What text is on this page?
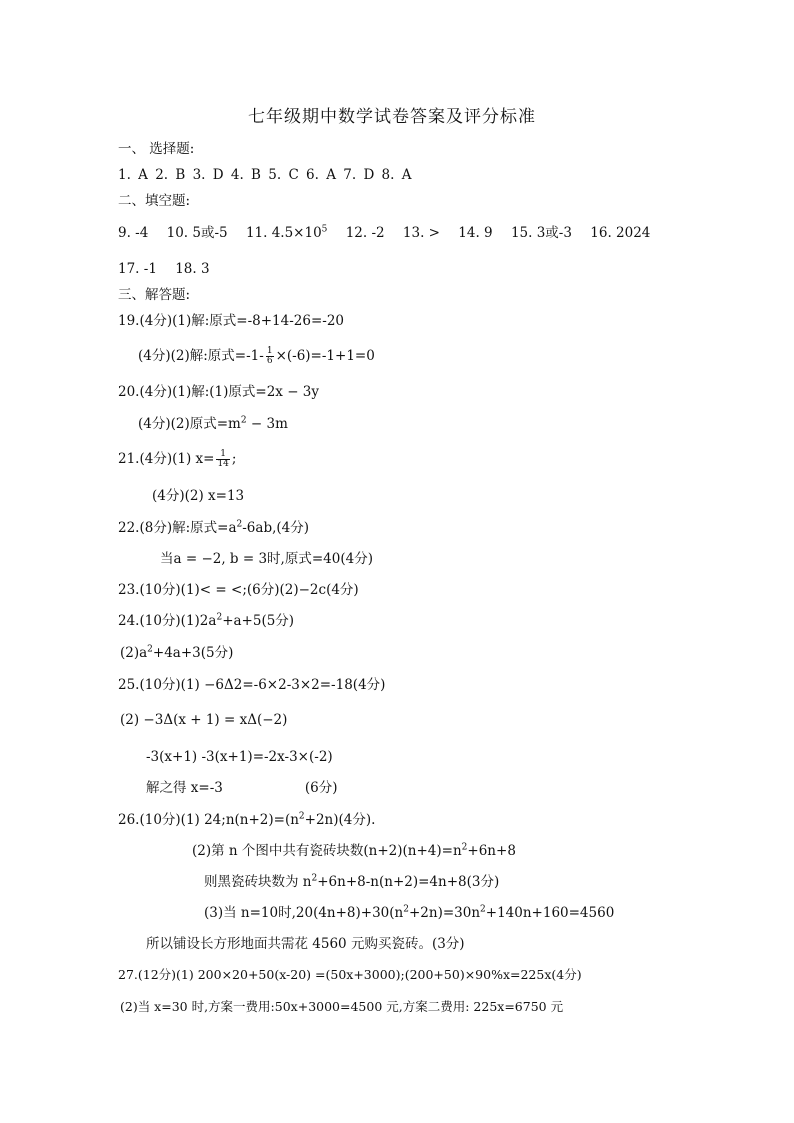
七年级期中数学试卷答案及评分标准
一、 选择题:
1. A 2. B 3. D 4. B 5. C 6. A 7. D 8. A
二、填空题:
9. -4 10. 5或-5 11. $4.5\times 10^5$ 12. -2 13. > 14. 9 15. 3或-3 16. 2024
17. -1 18. 3
三、解答题:
19.(4分)(1)解:原式=-8+14-26=-20
(4分)(2)解:原式$=-1- \frac{1}{6} \times(-6)=-1+1=0$
20.(4分)(1)解:(1)原式=2x − 3y
(4分)(2)原式$=m^2 - 3m$
21.(4分)(1) $x= \frac{1}{14}$ ;
(4分)(2) x=13
22.(8分)解:原式$=a^2-6ab,(4$分)
当a = −2, b = 3时,原式=40(4分)
23.(10分)(1)< = <;(6分)(2)−2c(4分)
24.(10分)$(1)2a^2+a+5(5$分)
$(2)a^2+4a+3(5$分)
25.(10分)(1) −6Δ2=-6×2-3×2=-18(4分)
(2) −3Δ(x + 1) = xΔ(−2)
-3(x+1) -3(x+1)=-2x-3×(-2)
解之得 x=-3	(6分)
26.(10分)(1) $24;n(n+2)=(n^2+2n)(4$分).
(2)第 n 个图中共有瓷砖块数$(n+2)(n+4)=n^2+6n+8$
则黑瓷砖块数为 $n^2+6n+8-n(n+2)=4n+8(3$分)
(3)当 n=10时$,20(4n+8)+30(n^2+2n)=30n^2+140n+160=4560$
所以铺设长方形地面共需花 4560 元购买瓷砖。(3分)
27.(12分)(1) 200×20+50(x-20) =(50x+3000);(200+50)×90%x=225x(4分)
(2)当 x=30 时,方案一费用:50x+3000=4500 元,方案二费用: 225x=6750 元
